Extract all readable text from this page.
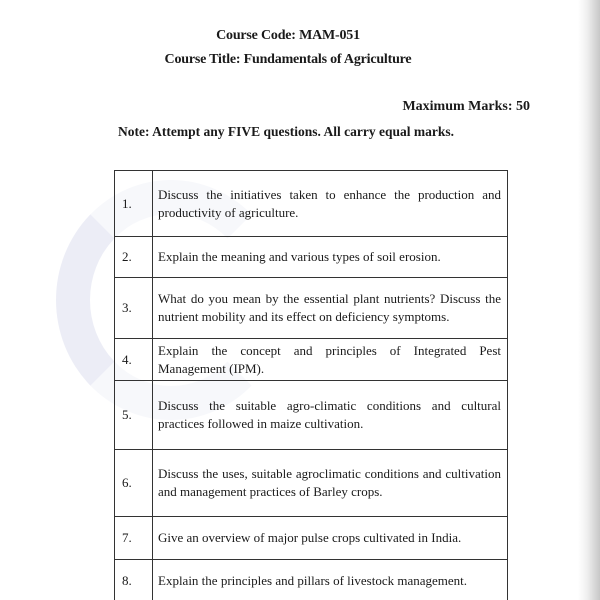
Course Code: MAM-051
Course Title: Fundamentals of Agriculture
Maximum Marks: 50
Note: Attempt any FIVE questions. All carry equal marks.
1.	Discuss the initiatives taken to enhance the production and productivity of agriculture.
2.	Explain the meaning and various types of soil erosion.
3.	What do you mean by the essential plant nutrients? Discuss the nutrient mobility and its effect on deficiency symptoms.
4.	Explain the concept and principles of Integrated Pest Management (IPM).
5.	Discuss the suitable agro-climatic conditions and cultural practices followed in maize cultivation.
6.	Discuss the uses, suitable agroclimatic conditions and cultivation and management practices of Barley crops.
7.	Give an overview of major pulse crops cultivated in India.
8.	Explain the principles and pillars of livestock management.
